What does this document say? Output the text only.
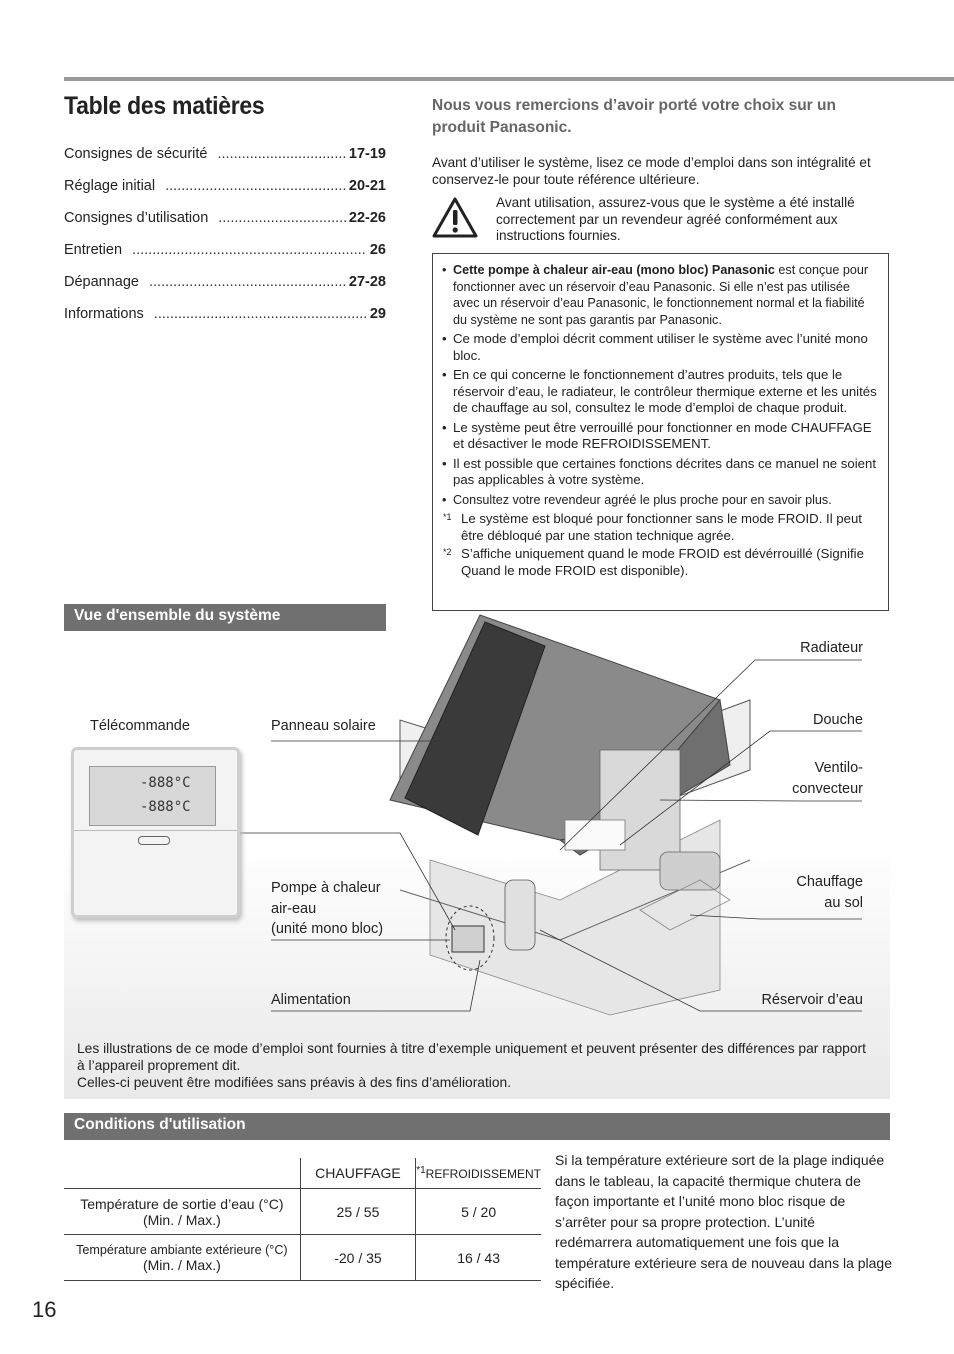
Table des matières
Consignes de sécurité .....	17-19
Réglage initial .....	20-21
Consignes d’utilisation .....	22-26
Entretien .....	26
Dépannage .....	27-28
Informations .....	29
Nous vous remercions d’avoir porté votre choix sur un produit Panasonic.
Avant d’utiliser le système, lisez ce mode d’emploi dans son intégralité et conservez-le pour toute référence ultérieure.
Avant utilisation, assurez-vous que le système a été installé correctement par un revendeur agréé conformément aux instructions fournies.
• Cette pompe à chaleur air-eau (mono bloc) Panasonic est conçue pour fonctionner avec un réservoir d’eau Panasonic. Si elle n’est pas utilisée avec un réservoir d’eau Panasonic, le fonctionnement normal et la fiabilité du système ne sont pas garantis par Panasonic.
• Ce mode d’emploi décrit comment utiliser le système avec l’unité mono bloc.
• En ce qui concerne le fonctionnement d’autres produits, tels que le réservoir d’eau, le radiateur, le contrôleur thermique externe et les unités de chauffage au sol, consultez le mode d’emploi de chaque produit.
• Le système peut être verrouillé pour fonctionner en mode CHAUFFAGE et désactiver le mode REFROIDISSEMENT.
• Il est possible que certaines fonctions décrites dans ce manuel ne soient pas applicables à votre système.
• Consultez votre revendeur agréé le plus proche pour en savoir plus.
*1 Le système est bloqué pour fonctionner sans le mode FROID. Il peut être débloqué par une station technique agrée.
*2 S’affiche uniquement quand le mode FROID est dévérrouillé (Signifie Quand le mode FROID est disponible).
Vue d'ensemble du système
Télécommande	Panneau solaire
Radiateur
Douche
Ventilo-
convecteur
Chauffage
au sol
Pompe à chaleur
air-eau
(unité mono bloc)
Alimentation	Réservoir d’eau
-888°C
-888°C
Les illustrations de ce mode d’emploi sont fournies à titre d’exemple uniquement et peuvent présenter des différences par rapport à l’appareil proprement dit.
Celles-ci peuvent être modifiées sans préavis à des fins d’amélioration.
Conditions d'utilisation
	CHAUFFAGE	$^{*1}$REFROIDISSEMENT

Température de sortie d’eau (°C)
(Min. / Max.)	25 / 55	5 / 20

Température ambiante extérieure (°C)
(Min. / Max.)	-20 / 35	16 / 43
Si la température extérieure sort de la plage indiquée dans le tableau, la capacité thermique chutera de façon importante et l’unité mono bloc risque de s’arrêter pour sa propre protection. L’unité redémarrera automatiquement une fois que la température extérieure sera de nouveau dans la plage spécifiée.
16
